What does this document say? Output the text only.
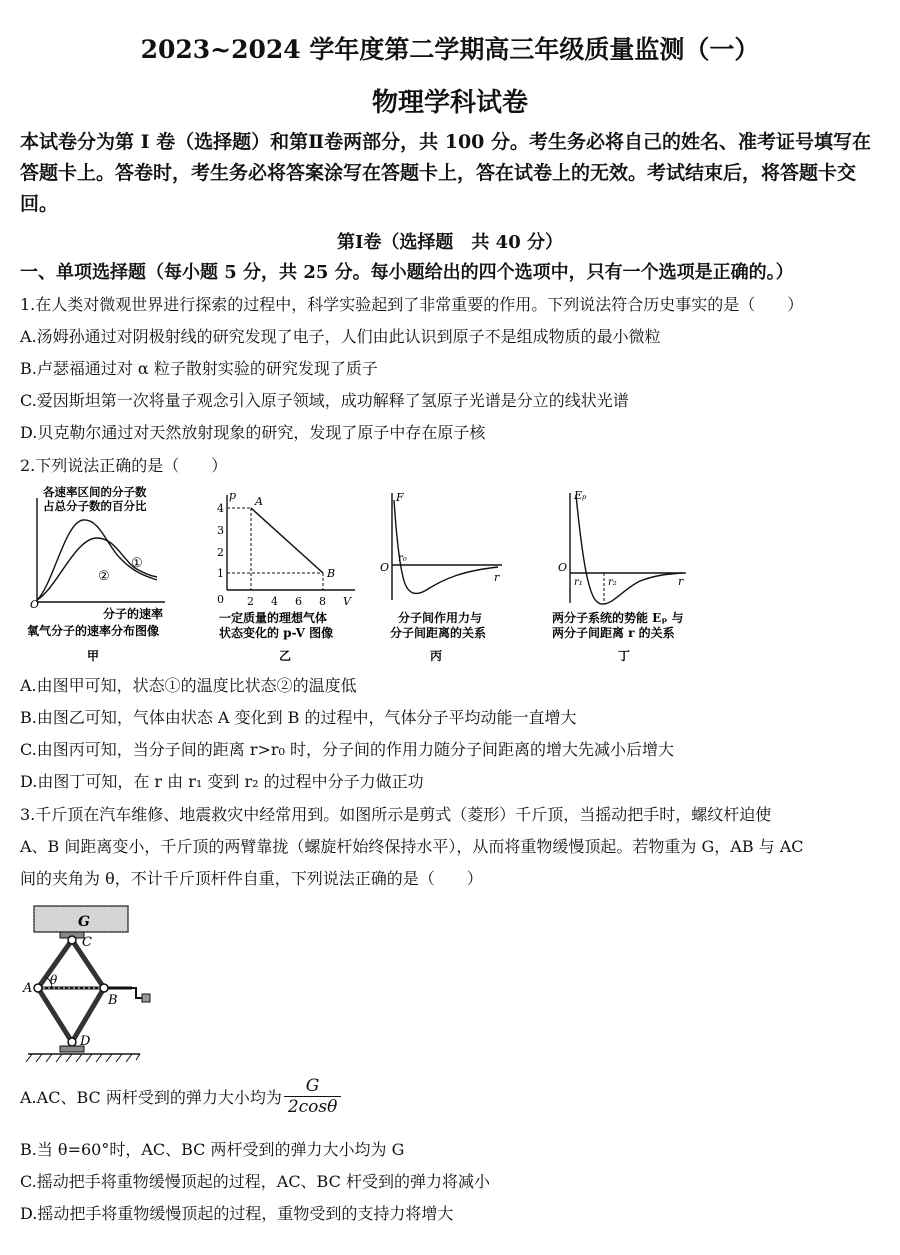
2023~2024 学年度第二学期高三年级质量监测（一）
物理学科试卷
本试卷分为第 I 卷（选择题）和第Ⅱ卷两部分，共 100 分。考生务必将自己的姓名、准考证号填写在答题卡上。答卷时，考生务必将答案涂写在答题卡上，答在试卷上的无效。考试结束后，将答题卡交回。
第Ⅰ卷（选择题　共 40 分）
一、单项选择题（每小题 5 分，共 25 分。每小题给出的四个选项中，只有一个选项是正确的。）
1.在人类对微观世界进行探索的过程中，科学实验起到了非常重要的作用。下列说法符合历史事实的是（　　）
A.汤姆孙通过对阴极射线的研究发现了电子，人们由此认识到原子不是组成物质的最小微粒
B.卢瑟福通过对 α 粒子散射实验的研究发现了质子
C.爱因斯坦第一次将量子观念引入原子领域，成功解释了氢原子光谱是分立的线状光谱
D.贝克勒尔通过对天然放射现象的研究，发现了原子中存在原子核
2.下列说法正确的是（　　）
各速率区间的分子数
占总分子数的百分比
O
①
②
分子的速率
氧气分子的速率分布图像
甲
p A
B
4
3
2
1
0 2 4 6 8 V
一定质量的理想气体
状态变化的 p-V 图像
乙
F
O
r₀
r
分子间作用力与
分子间距离的关系
丙
Eₚ
O
r₁	r₂	r
两分子系统的势能 Eₚ 与
两分子间距离 r 的关系
丁
A.由图甲可知，状态①的温度比状态②的温度低
B.由图乙可知，气体由状态 A 变化到 B 的过程中，气体分子平均动能一直增大
C.由图丙可知，当分子间的距离 r>r₀ 时，分子间的作用力随分子间距离的增大先减小后增大
D.由图丁可知，在 r 由 r₁ 变到 r₂ 的过程中分子力做正功
3.千斤顶在汽车维修、地震救灾中经常用到。如图所示是剪式（菱形）千斤顶，当摇动把手时，螺纹杆迫使
A、B 间距离变小，千斤顶的两臂靠拢（螺旋杆始终保持水平），从而将重物缓慢顶起。若物重为 G，AB 与 AC
间的夹角为 θ，不计千斤顶杆件自重，下列说法正确的是（　　）
G
C
A
B
D
θ
A.AC、BC 两杆受到的弹力大小均为 $\frac{G}{2\cos\theta}$
B.当 θ=60°时，AC、BC 两杆受到的弹力大小均为 G
C.摇动把手将重物缓慢顶起的过程，AC、BC 杆受到的弹力将减小
D.摇动把手将重物缓慢顶起的过程，重物受到的支持力将增大
